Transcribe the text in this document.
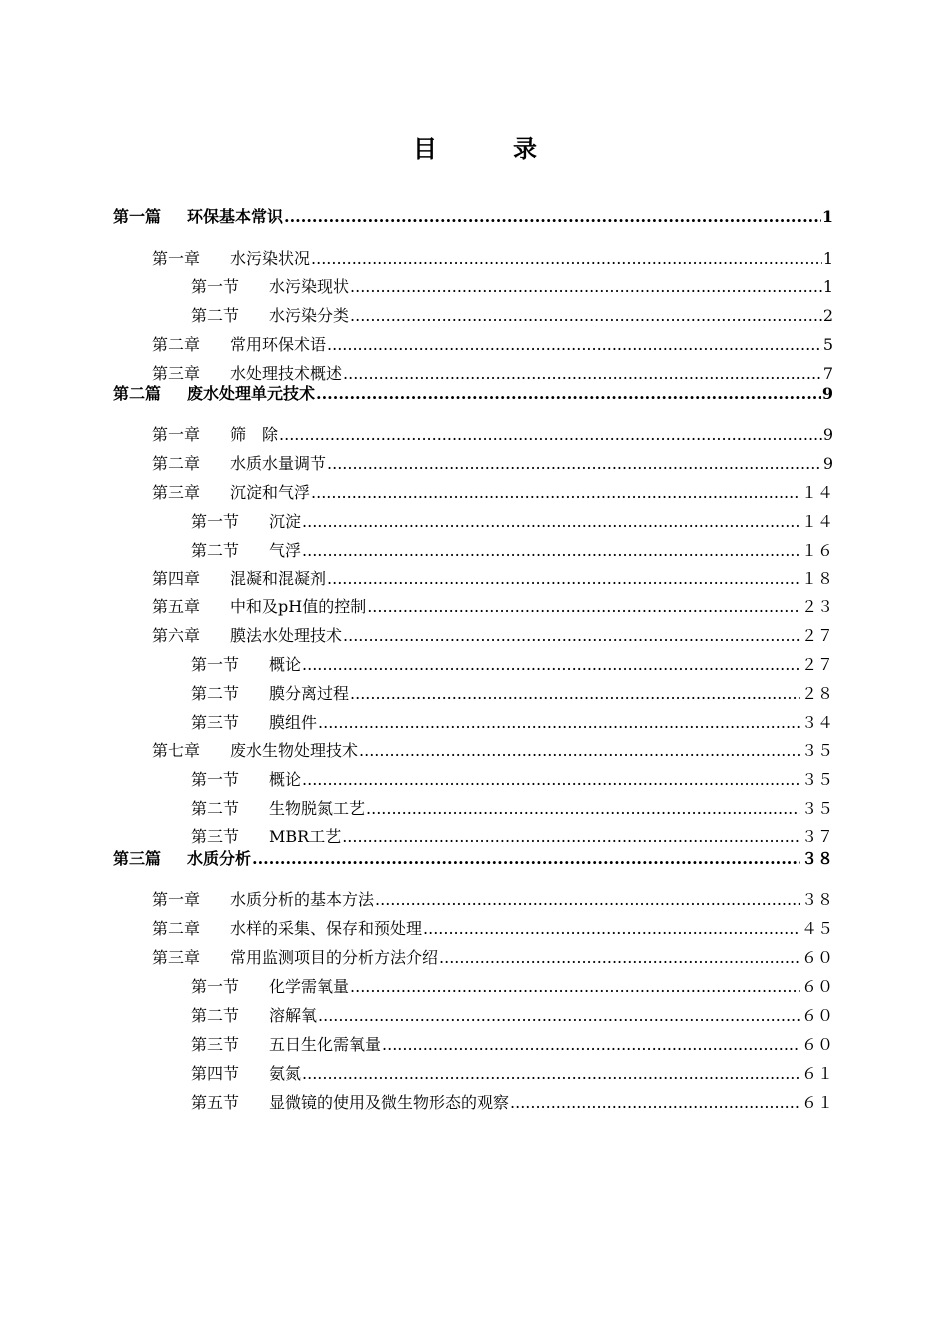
目　录
第一篇 环保基本常识 .....	1
第一章 水污染状况 .....	1
第一节 水污染现状 .....	1
第二节 水污染分类 .....	2
第二章 常用环保术语 .....	5
第三章 水处理技术概述 .....	7
第二篇 废水处理单元技术 .....	9
第一章 筛　除 .....	9
第二章 水质水量调节 .....	9
第三章 沉淀和气浮 .....	１４
第一节 沉淀 .....	１４
第二节 气浮 .....	１６
第四章 混凝和混凝剂 .....	１８
第五章 中和及pH值的控制 .....	２３
第六章 膜法水处理技术 .....	２７
第一节 概论 .....	２７
第二节 膜分离过程 .....	２８
第三节 膜组件 .....	３４
第七章 废水生物处理技术 .....	３５
第一节 概论 .....	３５
第二节 生物脱氮工艺 .....	３５
第三节 MBR工艺 .....	３７
第三篇 水质分析 .....	３８
第一章 水质分析的基本方法 .....	３８
第二章 水样的采集、保存和预处理 .....	４５
第三章 常用监测项目的分析方法介绍 .....	６０
第一节 化学需氧量 .....	６０
第二节 溶解氧 .....	６０
第三节 五日生化需氧量 .....	６０
第四节 氨氮 .....	６１
第五节 显微镜的使用及微生物形态的观察 .....	６１
